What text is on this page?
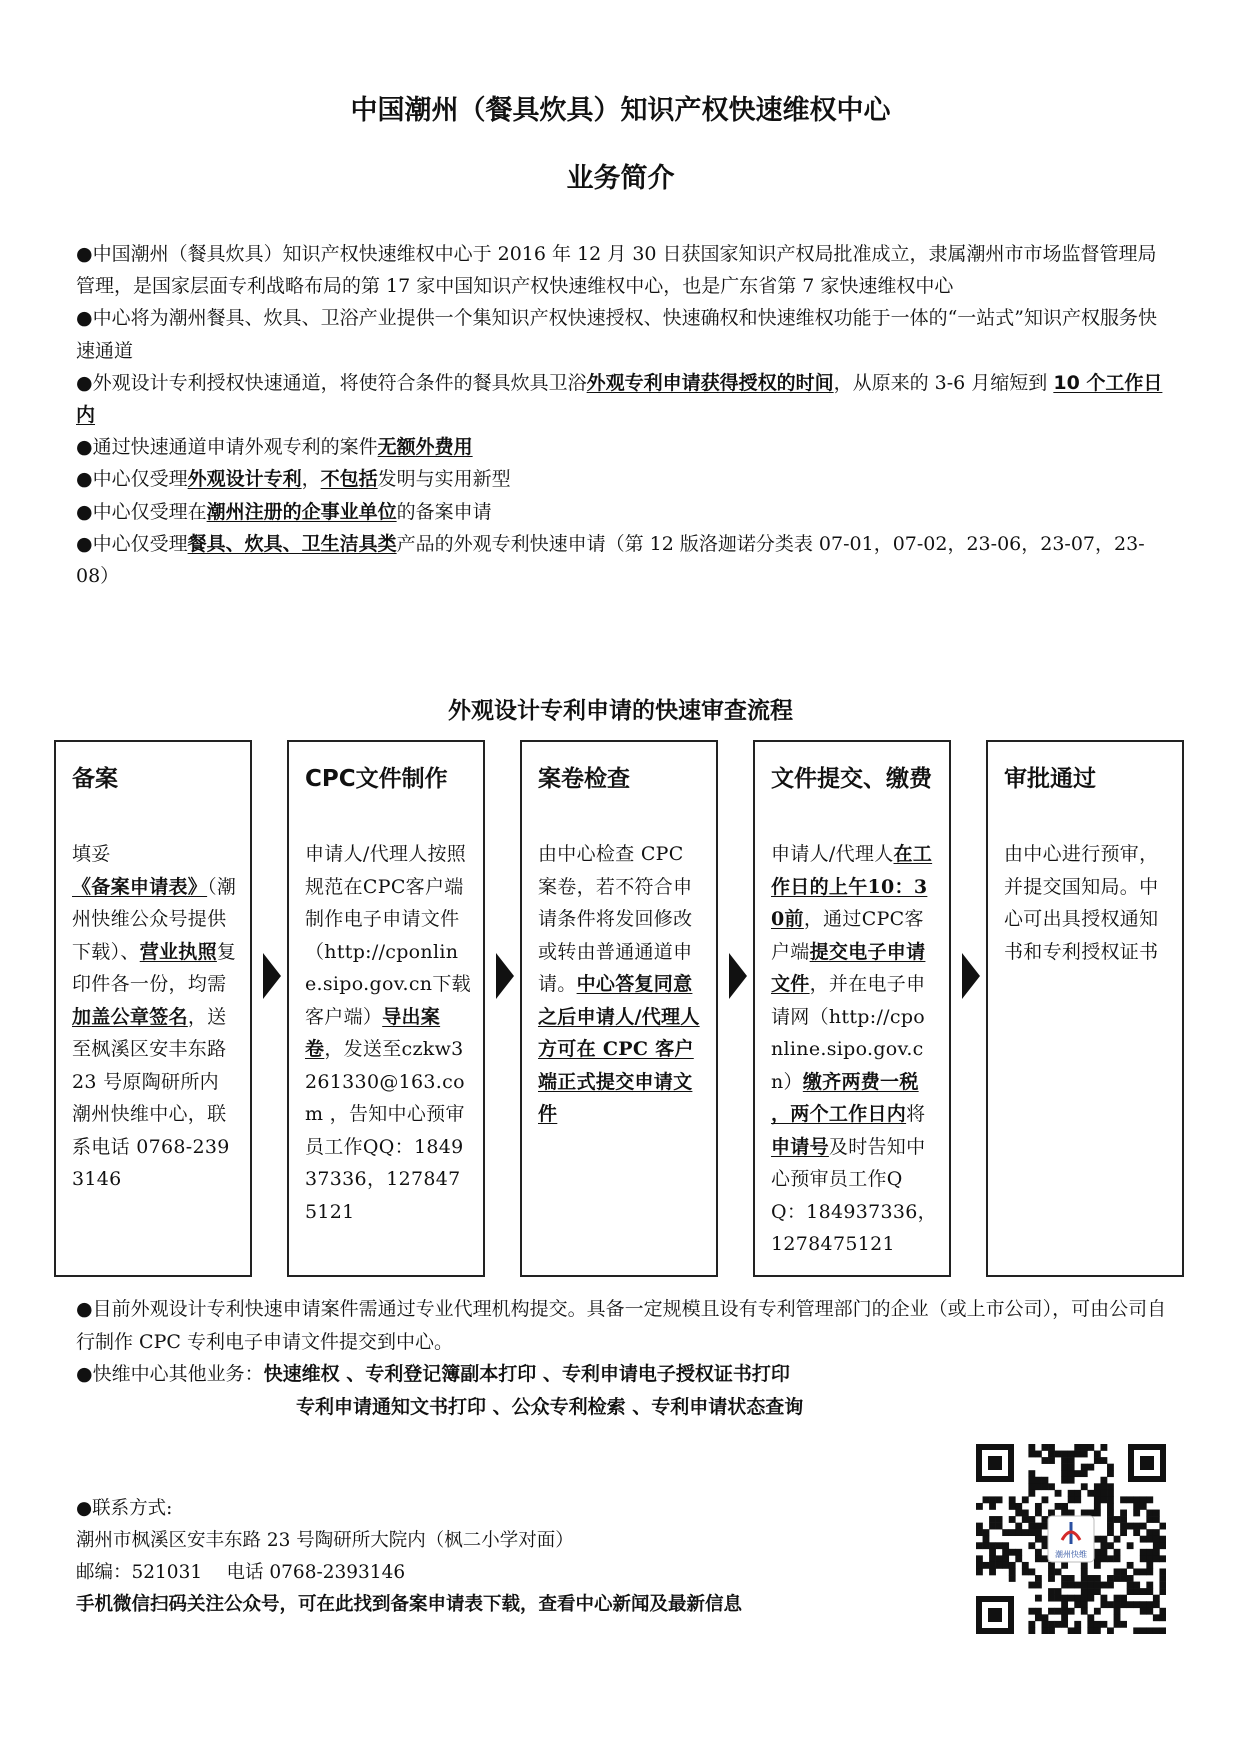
中国潮州（餐具炊具）知识产权快速维权中心
业务简介

●中国潮州（餐具炊具）知识产权快速维权中心于 2016 年 12 月 30 日获国家知识产权局批准成立，隶属潮州市市场监督管理局管理，是国家层面专利战略布局的第 17 家中国知识产权快速维权中心，也是广东省第 7 家快速维权中心

●中心将为潮州餐具、炊具、卫浴产业提供一个集知识产权快速授权、快速确权和快速维权功能于一体的“一站式”知识产权服务快速通道

●外观设计专利授权快速通道，将使符合条件的餐具炊具卫浴外观专利申请获得授权的时间，从原来的 3-6 月缩短到 10 个工作日内

●通过快速通道申请外观专利的案件无额外费用

●中心仅受理外观设计专利，不包括发明与实用新型

●中心仅受理在潮州注册的企事业单位的备案申请

●中心仅受理餐具、炊具、卫生洁具类产品的外观专利快速申请（第 12 版洛迦诺分类表 07-01，07-02，23-06，23-07，23-08）

外观设计专利申请的快速审查流程
备案
填妥《备案申请表》（潮州快维公众号提供下载）、营业执照复印件各一份，均需加盖公章签名，送至枫溪区安丰东路 23 号原陶研所内潮州快维中心，联系电话 0768-2393146
CPC文件制作
申请人/代理人按照规范在CPC客户端制作电子申请文件（http://cponline.sipo.gov.cn下载客户端）导出案卷，发送至czkw3261330@163.com ，告知中心预审员工作QQ：184937336，1278475121
案卷检查
由中心检查 CPC 案卷，若不符合申请条件将发回修改或转由普通通道申请。中心答复同意之后申请人/代理人方可在 CPC 客户端正式提交申请文件
文件提交、缴费
申请人/代理人在工作日的上午10：30前，通过CPC客户端提交电子申请文件，并在电子申请网（http://cponline.sipo.gov.cn）缴齐两费一税 ，两个工作日内将申请号及时告知中心预审员工作QQ：184937336，1278475121
审批通过
由中心进行预审，并提交国知局。中心可出具授权通知书和专利授权证书

●目前外观设计专利快速申请案件需通过专业代理机构提交。具备一定规模且设有专利管理部门的企业（或上市公司），可由公司自行制作 CPC 专利电子申请文件提交到中心。

●快维中心其他业务：快速维权 、专利登记簿副本打印 、专利申请电子授权证书打印

专利申请通知文书打印 、公众专利检索 、专利申请状态查询

●联系方式:

潮州市枫溪区安丰东路 23 号陶研所大院内（枫二小学对面）

邮编：521031　 电话 0768-2393146

手机微信扫码关注公众号，可在此找到备案申请表下载，查看中心新闻及最新信息

潮州快维
